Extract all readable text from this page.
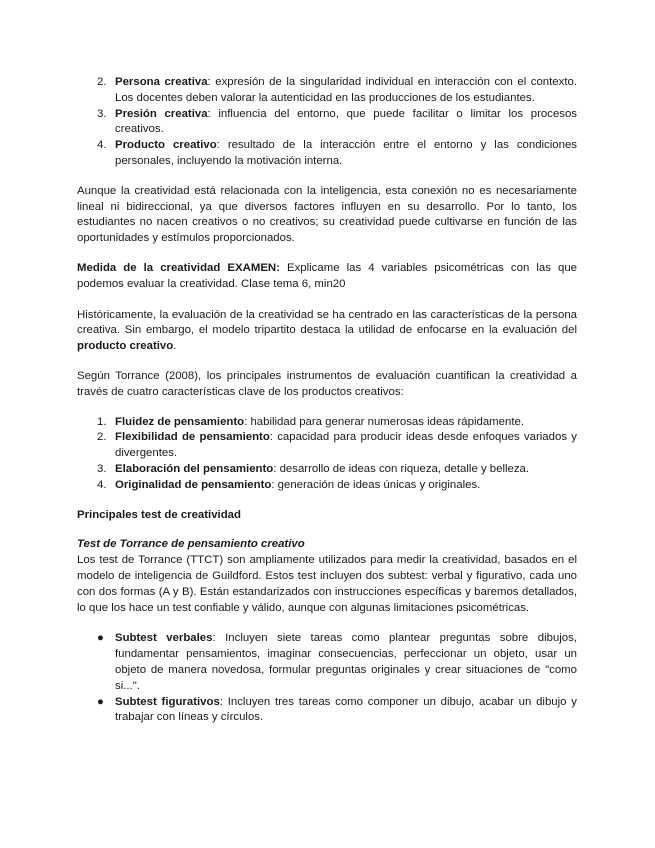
2. Persona creativa: expresión de la singularidad individual en interacción con el contexto. Los docentes deben valorar la autenticidad en las producciones de los estudiantes.
3. Presión creativa: influencia del entorno, que puede facilitar o limitar los procesos creativos.
4. Producto creativo: resultado de la interacción entre el entorno y las condiciones personales, incluyendo la motivación interna.

Aunque la creatividad está relacionada con la inteligencia, esta conexión no es necesariamente lineal ni bidireccional, ya que diversos factores influyen en su desarrollo. Por lo tanto, los estudiantes no nacen creativos o no creativos; su creatividad puede cultivarse en función de las oportunidades y estímulos proporcionados.

Medida de la creatividad EXAMEN: Explicame las 4 variables psicométricas con las que podemos evaluar la creatividad. Clase tema 6, min20

Históricamente, la evaluación de la creatividad se ha centrado en las características de la persona creativa. Sin embargo, el modelo tripartito destaca la utilidad de enfocarse en la evaluación del producto creativo.

Según Torrance (2008), los principales instrumentos de evaluación cuantifican la creatividad a través de cuatro características clave de los productos creativos:

1. Fluidez de pensamiento: habilidad para generar numerosas ideas rápidamente.
2. Flexibilidad de pensamiento: capacidad para producir ideas desde enfoques variados y divergentes.
3. Elaboración del pensamiento: desarrollo de ideas con riqueza, detalle y belleza.
4. Originalidad de pensamiento: generación de ideas únicas y originales.

Principales test de creatividad

Test de Torrance de pensamiento creativo

Los test de Torrance (TTCT) son ampliamente utilizados para medir la creatividad, basados en el modelo de inteligencia de Guildford. Estos test incluyen dos subtest: verbal y figurativo, cada uno con dos formas (A y B). Están estandarizados con instrucciones específicas y baremos detallados, lo que los hace un test confiable y válido, aunque con algunas limitaciones psicométricas.

● Subtest verbales: Incluyen siete tareas como plantear preguntas sobre dibujos, fundamentar pensamientos, imaginar consecuencias, perfeccionar un objeto, usar un objeto de manera novedosa, formular preguntas originales y crear situaciones de "como si...".
● Subtest figurativos: Incluyen tres tareas como componer un dibujo, acabar un dibujo y trabajar con líneas y círculos.
